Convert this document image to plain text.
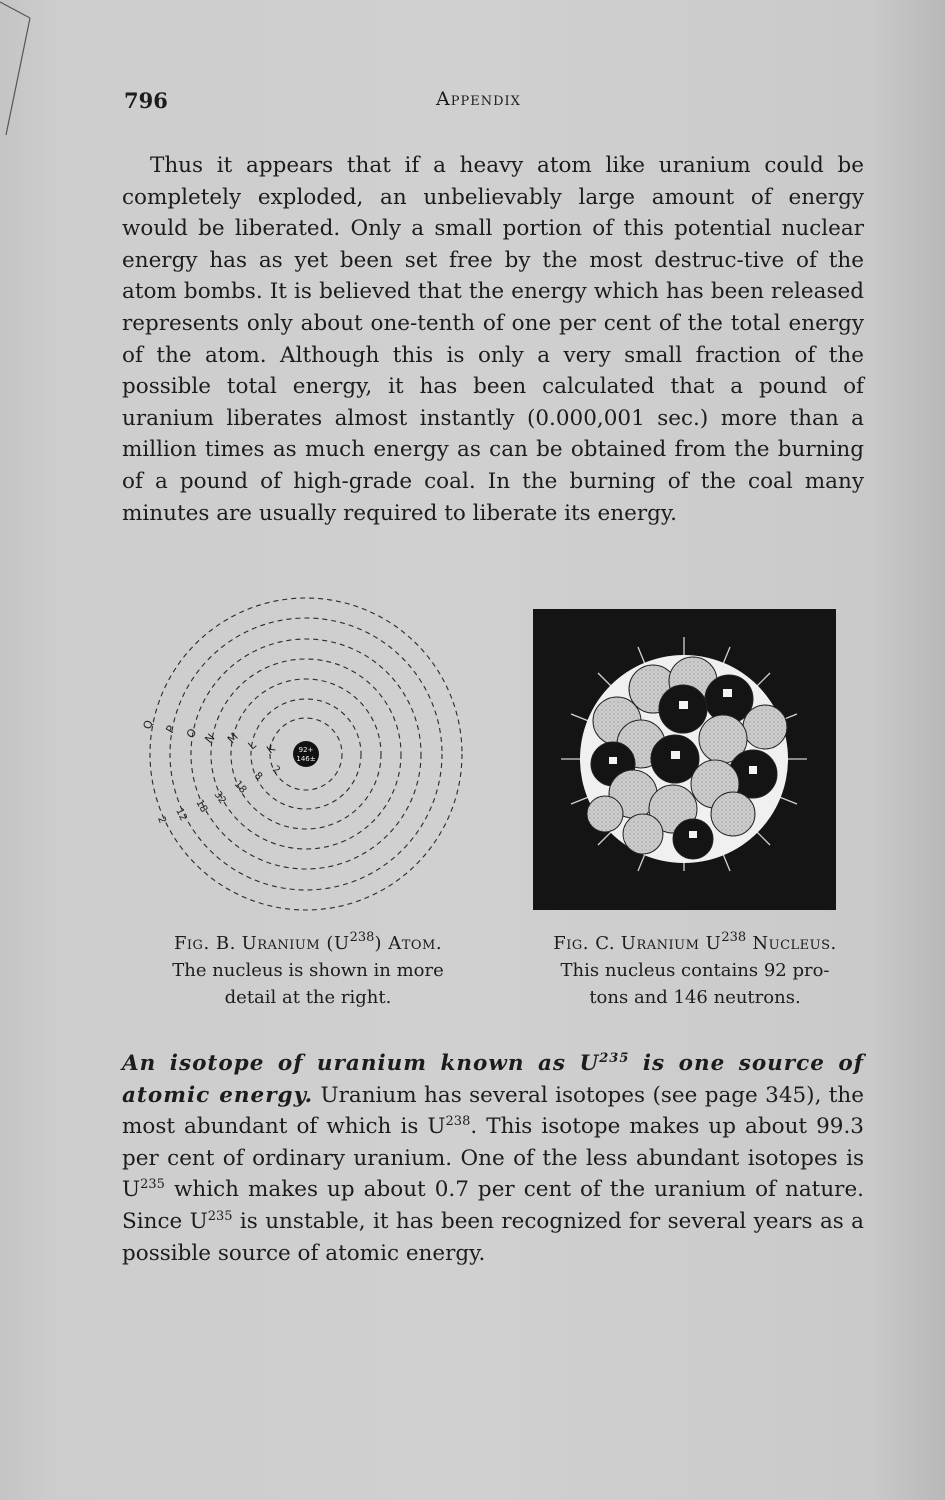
796	Appendix

Thus it appears that if a heavy atom like uranium could be completely exploded, an unbelievably large amount of energy would be liberated. Only a small portion of this potential nuclear energy has as yet been set free by the most destruc-tive of the atom bombs. It is believed that the energy which has been released represents only about one-tenth of one per cent of the total energy of the atom. Although this is only a very small fraction of the possible total energy, it has been calculated that a pound of uranium liberates almost instantly (0.000,001 sec.) more than a million times as much energy as can be obtained from the burning of a pound of high-grade coal. In the burning of the coal many minutes are usually required to liberate its energy.

92+
146±
Q P O N M L K
2 12
18
32
18
8
2
Fig. B. Uranium $(U^{238})$ Atom.
The nucleus is shown in more
detail at the right.
Fig. C. Uranium $U^{238}$ Nucleus.
This nucleus contains 92 pro-
tons and 146 neutrons.

An isotope of uranium known as $U^{235}$ is one source of atomic energy. Uranium has several isotopes (see page 345), the most abundant of which is $U^{238}$. This isotope makes up about 99.3 per cent of ordinary uranium. One of the less abundant isotopes is $U^{235}$ which makes up about 0.7 per cent of the uranium of nature. Since $U^{235}$ is unstable, it has been recognized for several years as a possible source of atomic energy.
